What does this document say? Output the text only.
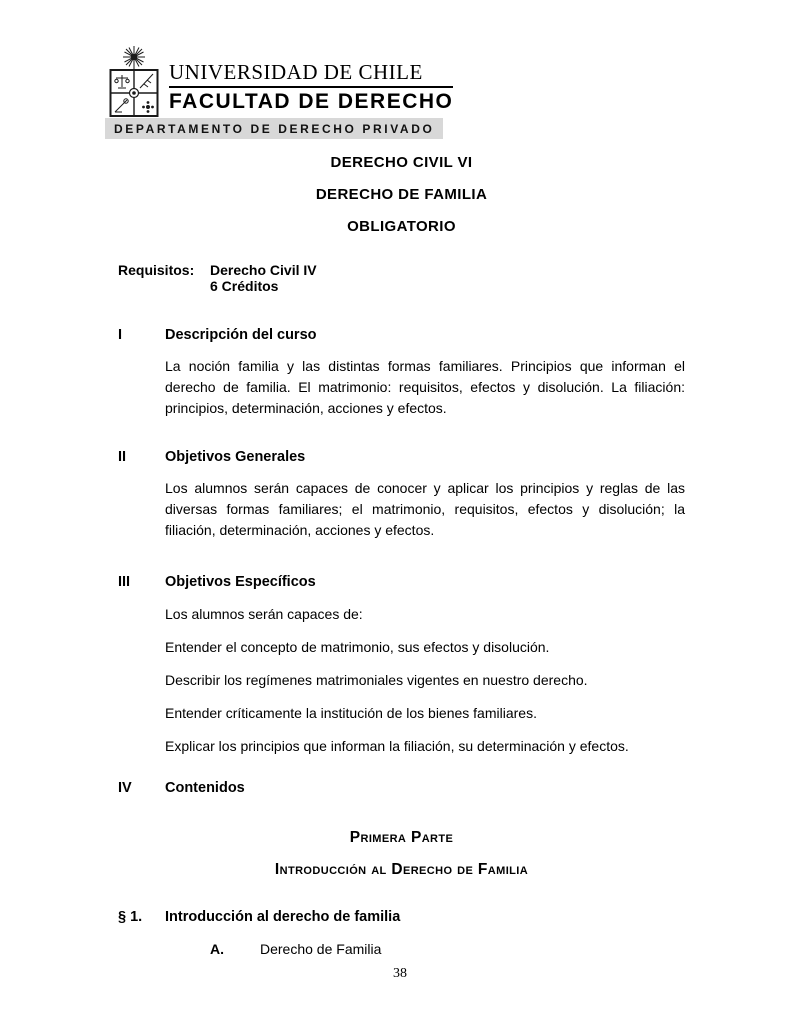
UNIVERSIDAD DE CHILE
FACULTAD DE DERECHO
DEPARTAMENTO DE DERECHO PRIVADO
DERECHO CIVIL VI
DERECHO DE FAMILIA
OBLIGATORIO
Requisitos:	Derecho Civil IV
6 Créditos
I	Descripción del curso

La noción familia y las distintas formas familiares. Principios que informan el derecho de familia. El matrimonio: requisitos, efectos y disolución. La filiación: principios, determinación, acciones y efectos.

II	Objetivos Generales

Los alumnos serán capaces de conocer y aplicar los principios y reglas de las diversas formas familiares; el matrimonio, requisitos, efectos y disolución; la filiación, determinación, acciones y efectos.

III	Objetivos Específicos
Los alumnos serán capaces de:
Entender el concepto de matrimonio, sus efectos y disolución.
Describir los regímenes matrimoniales vigentes en nuestro derecho.
Entender críticamente la institución de los bienes familiares.
Explicar los principios que informan la filiación, su determinación y efectos.
IV	Contenidos
Primera Parte
Introducción al Derecho de Familia
§ 1.	Introducción al derecho de familia
A.	Derecho de Familia
38
